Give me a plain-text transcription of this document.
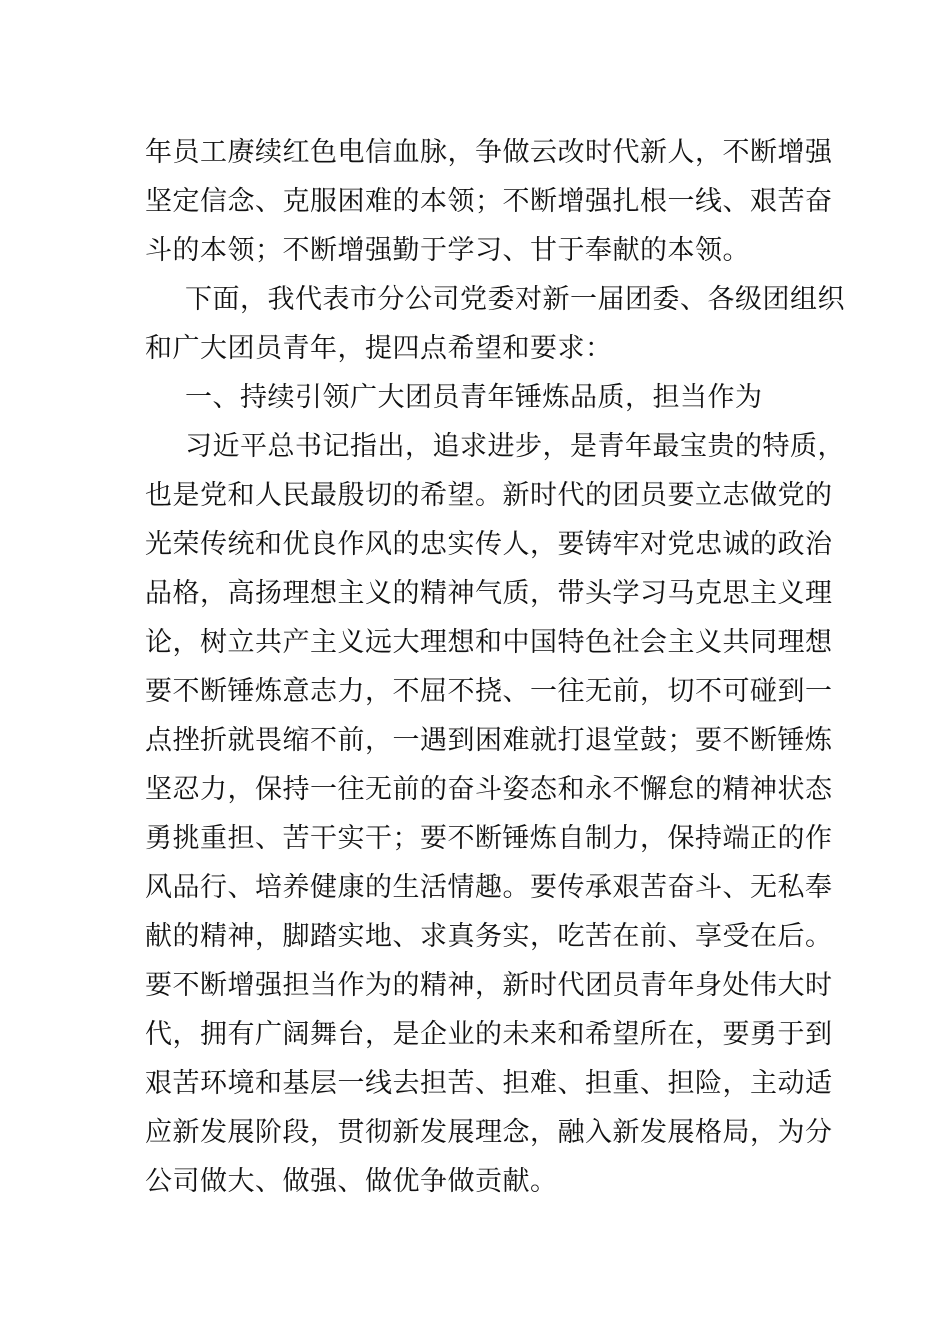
年员工赓续红色电信血脉，争做云改时代新人，不断增强
坚定信念、克服困难的本领；不断增强扎根一线、艰苦奋
斗的本领；不断增强勤于学习、甘于奉献的本领。
下面，我代表市分公司党委对新一届团委、各级团组织
和广大团员青年，提四点希望和要求：
一、持续引领广大团员青年锤炼品质，担当作为
习近平总书记指出，追求进步，是青年最宝贵的特质，
也是党和人民最殷切的希望。新时代的团员要立志做党的
光荣传统和优良作风的忠实传人，要铸牢对党忠诚的政治
品格，高扬理想主义的精神气质，带头学习马克思主义理
论，树立共产主义远大理想和中国特色社会主义共同理想
要不断锤炼意志力，不屈不挠、一往无前，切不可碰到一
点挫折就畏缩不前，一遇到困难就打退堂鼓；要不断锤炼
坚忍力，保持一往无前的奋斗姿态和永不懈怠的精神状态
勇挑重担、苦干实干；要不断锤炼自制力，保持端正的作
风品行、培养健康的生活情趣。要传承艰苦奋斗、无私奉
献的精神，脚踏实地、求真务实，吃苦在前、享受在后。
要不断增强担当作为的精神，新时代团员青年身处伟大时
代，拥有广阔舞台，是企业的未来和希望所在，要勇于到
艰苦环境和基层一线去担苦、担难、担重、担险，主动适
应新发展阶段，贯彻新发展理念，融入新发展格局，为分
公司做大、做强、做优争做贡献。
